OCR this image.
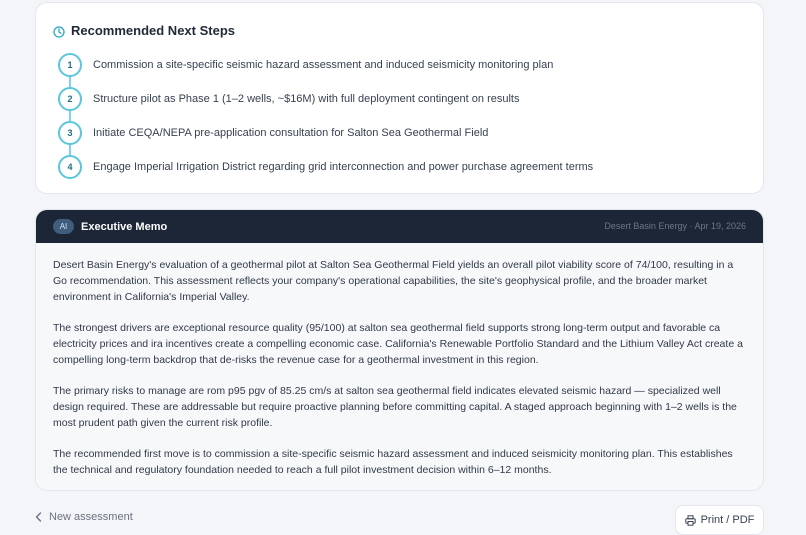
Recommended Next Steps
1	Commission a site-specific seismic hazard assessment and induced seismicity monitoring plan
2	Structure pilot as Phase 1 (1–2 wells, ~$16M) with full deployment contingent on results
3	Initiate CEQA/NEPA pre-application consultation for Salton Sea Geothermal Field
4	Engage Imperial Irrigation District regarding grid interconnection and power purchase agreement terms
AI	Executive Memo	Desert Basin Energy · Apr 19, 2026

Desert Basin Energy's evaluation of a geothermal pilot at Salton Sea Geothermal Field yields an overall pilot viability score of 74/100, resulting in a Go recommendation. This assessment reflects your company's operational capabilities, the site's geophysical profile, and the broader market environment in California's Imperial Valley.

The strongest drivers are exceptional resource quality (95/100) at salton sea geothermal field supports strong long-term output and favorable ca electricity prices and ira incentives create a compelling economic case. California's Renewable Portfolio Standard and the Lithium Valley Act create a compelling long-term backdrop that de-risks the revenue case for a geothermal investment in this region.

The primary risks to manage are rom p95 pgv of 85.25 cm/s at salton sea geothermal field indicates elevated seismic hazard — specialized well design required. These are addressable but require proactive planning before committing capital. A staged approach beginning with 1–2 wells is the most prudent path given the current risk profile.

The recommended first move is to commission a site-specific seismic hazard assessment and induced seismicity monitoring plan. This establishes the technical and regulatory foundation needed to reach a full pilot investment decision within 6–12 months.

New assessment	Print / PDF
